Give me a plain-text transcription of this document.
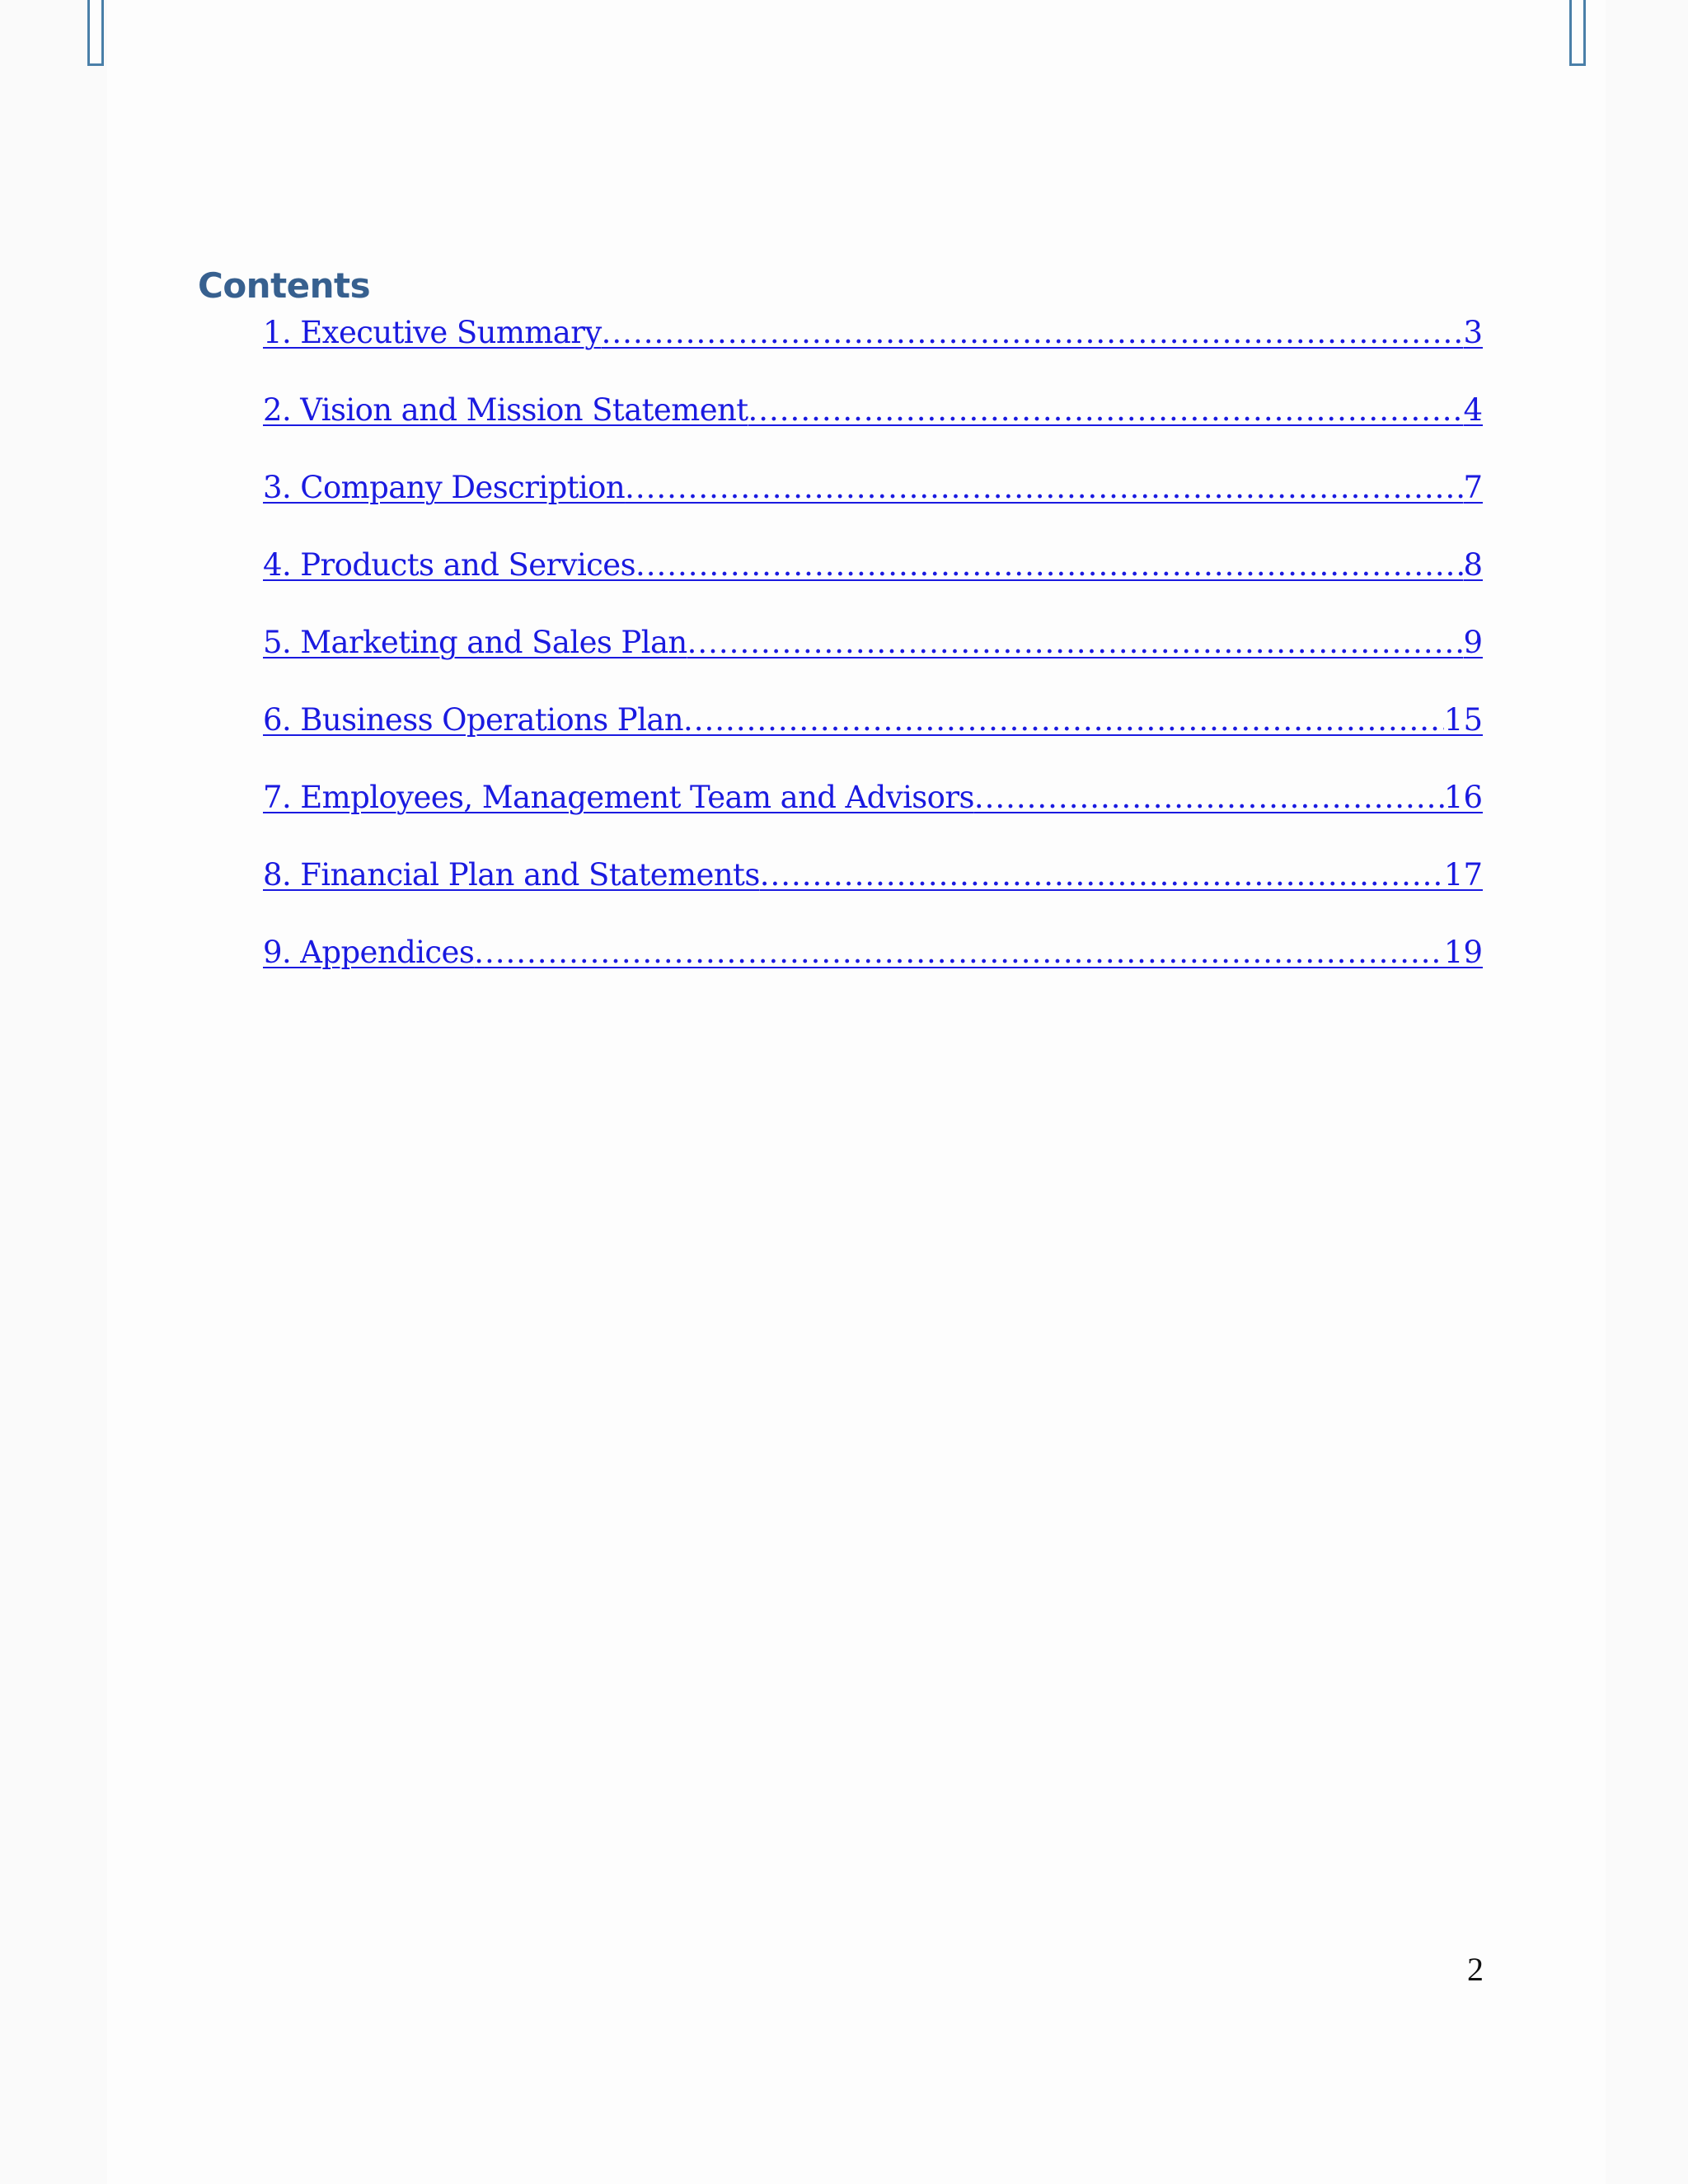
Contents
1. Executive Summary .....	3
2. Vision and Mission Statement .....	4
3. Company Description .....	7
4. Products and Services .....	8
5. Marketing and Sales Plan .....	9
6. Business Operations Plan .....	15
7. Employees, Management Team and Advisors .....	16
8. Financial Plan and Statements .....	17
9. Appendices .....	19
2
